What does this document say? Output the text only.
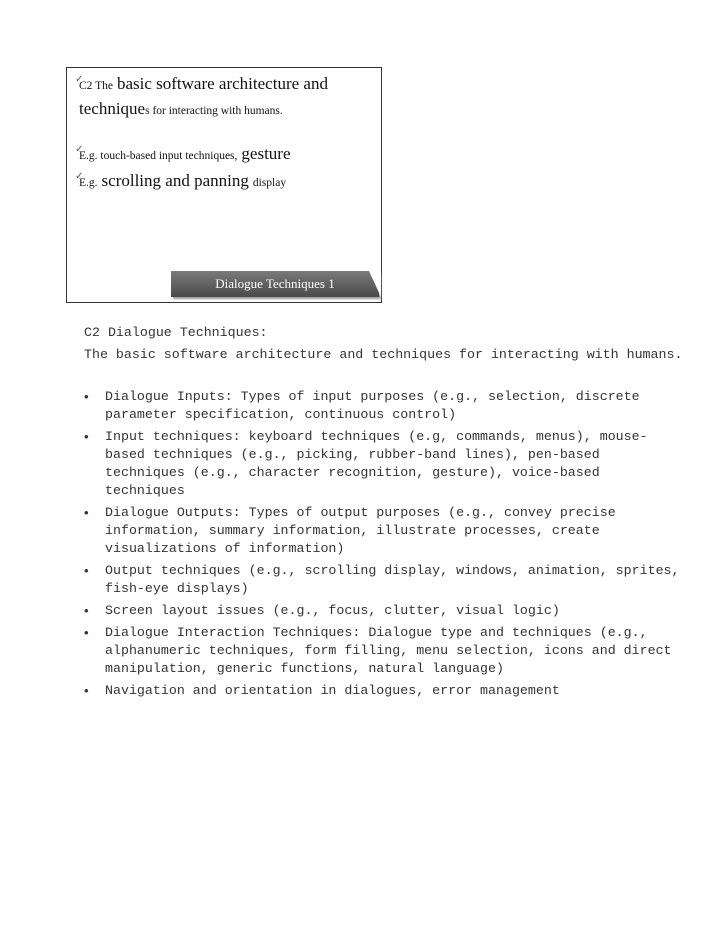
✓
C2 The basic software architecture and
techniques for interacting with humans.
✓
E.g. touch-based input techniques, gesture
✓
E.g. scrolling and panning display
Dialogue Techniques 1

C2 Dialogue Techniques:

The basic software architecture and techniques for interacting with humans.

• Dialogue Inputs: Types of input purposes (e.g., selection, discrete parameter specification, continuous control)
• Input techniques: keyboard techniques (e.g, commands, menus), mouse-based techniques (e.g., picking, rubber-band lines), pen-based techniques (e.g., character recognition, gesture), voice-based techniques
• Dialogue Outputs: Types of output purposes (e.g., convey precise information, summary information, illustrate processes, create visualizations of information)
• Output techniques (e.g., scrolling display, windows, animation, sprites, fish-eye displays)
• Screen layout issues (e.g., focus, clutter, visual logic)
• Dialogue Interaction Techniques: Dialogue type and techniques (e.g., alphanumeric techniques, form filling, menu selection, icons and direct manipulation, generic functions, natural language)
• Navigation and orientation in dialogues, error management
